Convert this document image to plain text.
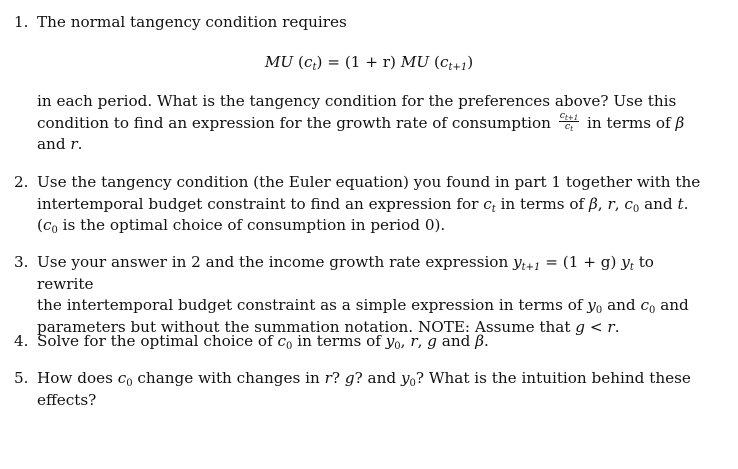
1. The normal tangency condition requires
MU $(c_t) = (1 + r)$ MU $(c_{t+1})$
in each period. What is the tangency condition for the preferences above? Use this
condition to find an expression for the growth rate of consumption $\frac{c_{t+1}}{c_t}$ in terms of β
and r.
2. Use the tangency condition (the Euler equation) you found in part 1 together with the
intertemporal budget constraint to find an expression for $c_t$ in terms of β, r, $c_0$ and t.
($c_0$ is the optimal choice of consumption in period 0).
3. Use your answer in 2 and the income growth rate expression $y_{t+1} = (1 + g)$ $y_t$ to rewrite
the intertemporal budget constraint as a simple expression in terms of $y_0$ and $c_0$ and
parameters but without the summation notation. NOTE: Assume that g < r.
4. Solve for the optimal choice of $c_0$ in terms of $y_0$, r, g and β.
5. How does $c_0$ change with changes in r? g? and $y_0$? What is the intuition behind these
effects?
